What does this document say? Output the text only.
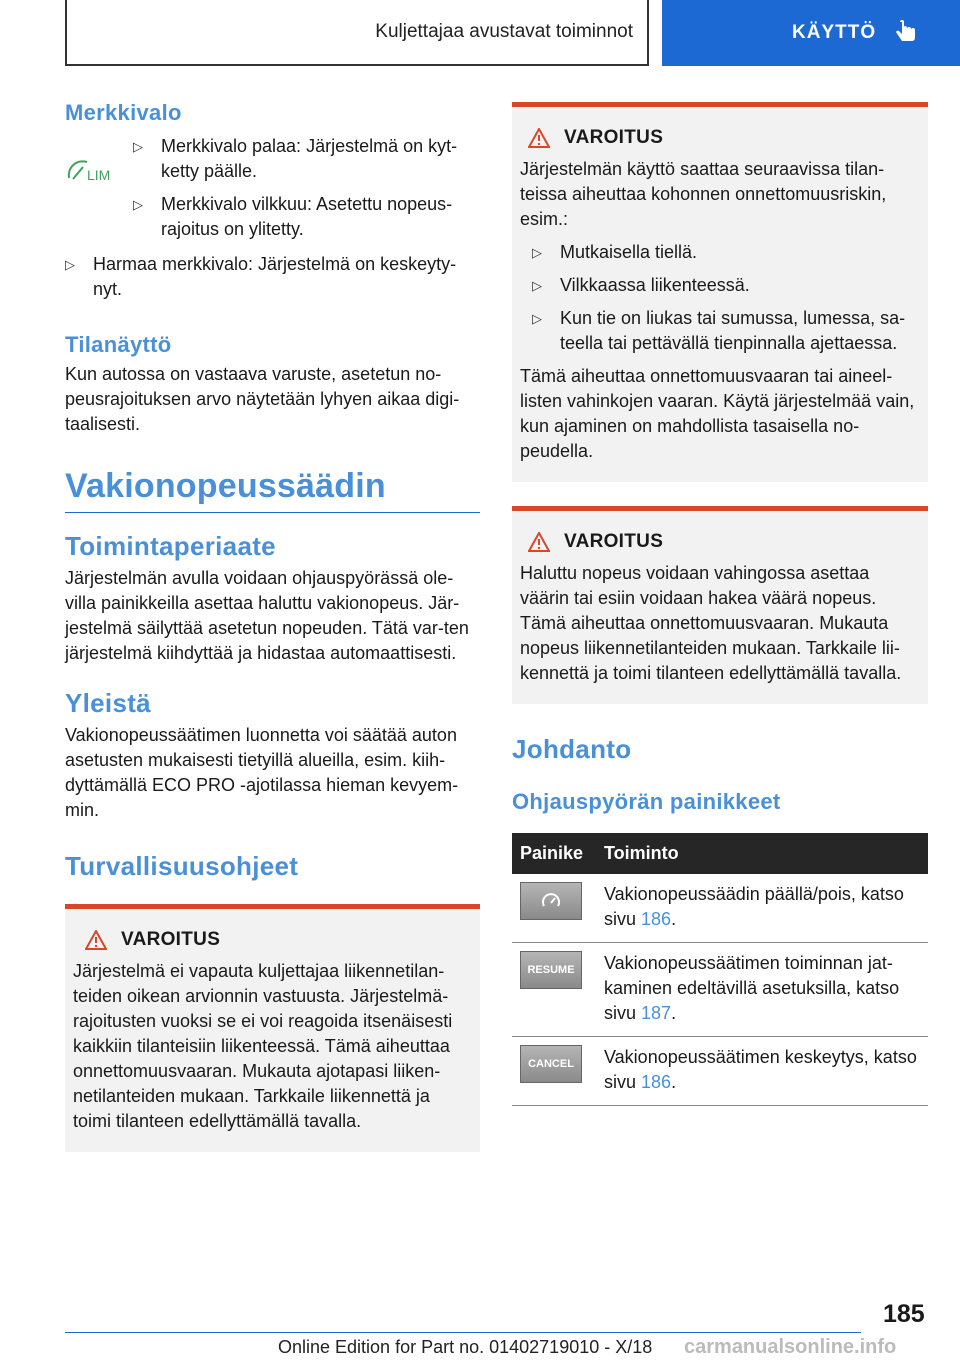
Kuljettajaa avustavat toiminnot	KÄYTTÖ
Merkkivalo
LIM
▷ Merkkivalo palaa: Järjestelmä on kyt-ketty päälle.
▷ Merkkivalo vilkkuu: Asetettu nopeus-rajoitus on ylitetty.
▷ Harmaa merkkivalo: Järjestelmä on keskeyty-nyt.
Tilanäyttö

Kun autossa on vastaava varuste, asetetun no-peusrajoituksen arvo näytetään lyhyen aikaa digi-taalisesti.

Vakionopeussäädin
Toimintaperiaate

Järjestelmän avulla voidaan ohjauspyörässä ole-villa painikkeilla asettaa haluttu vakionopeus. Jär-jestelmä säilyttää asetetun nopeuden. Tätä var-ten järjestelmä kiihdyttää ja hidastaa automaattisesti.

Yleistä

Vakionopeussäätimen luonnetta voi säätää auton asetusten mukaisesti tietyillä alueilla, esim. kiih-dyttämällä ECO PRO -ajotilassa hieman kevyem-min.

Turvallisuusohjeet
VAROITUS

Järjestelmä ei vapauta kuljettajaa liikennetilan-teiden oikean arvionnin vastuusta. Järjestelmä-rajoitusten vuoksi se ei voi reagoida itsenäisesti kaikkiin tilanteisiin liikenteessä. Tämä aiheuttaa onnettomuusvaaran. Mukauta ajotapasi liiken-netilanteiden mukaan. Tarkkaile liikennettä ja toimi tilanteen edellyttämällä tavalla.

VAROITUS

Järjestelmän käyttö saattaa seuraavissa tilan-teissa aiheuttaa kohonnen onnettomuusriskin, esim.:

▷ Mutkaisella tiellä.
▷ Vilkkaassa liikenteessä.
▷ Kun tie on liukas tai sumussa, lumessa, sa-teella tai pettävällä tienpinnalla ajettaessa.

Tämä aiheuttaa onnettomuusvaaran tai aineel-listen vahinkojen vaaran. Käytä järjestelmää vain, kun ajaminen on mahdollista tasaisella no-peudella.

VAROITUS

Haluttu nopeus voidaan vahingossa asettaa väärin tai esiin voidaan hakea väärä nopeus. Tämä aiheuttaa onnettomuusvaaran. Mukauta nopeus liikennetilanteiden mukaan. Tarkkaile lii-kennettä ja toimi tilanteen edellyttämällä tavalla.

Johdanto
Ohjauspyörän painikkeet
Painike	Toiminto

	Vakionopeussäädin päällä/pois, katso sivu 186.

RESUME	Vakionopeussäätimen toiminnan jat-kaminen edeltävillä asetuksilla, katso sivu 187.

CANCEL	Vakionopeussäätimen keskeytys, katso sivu 186.
185
Online Edition for Part no. 01402719010 - X/18 carmanualsonline.info
